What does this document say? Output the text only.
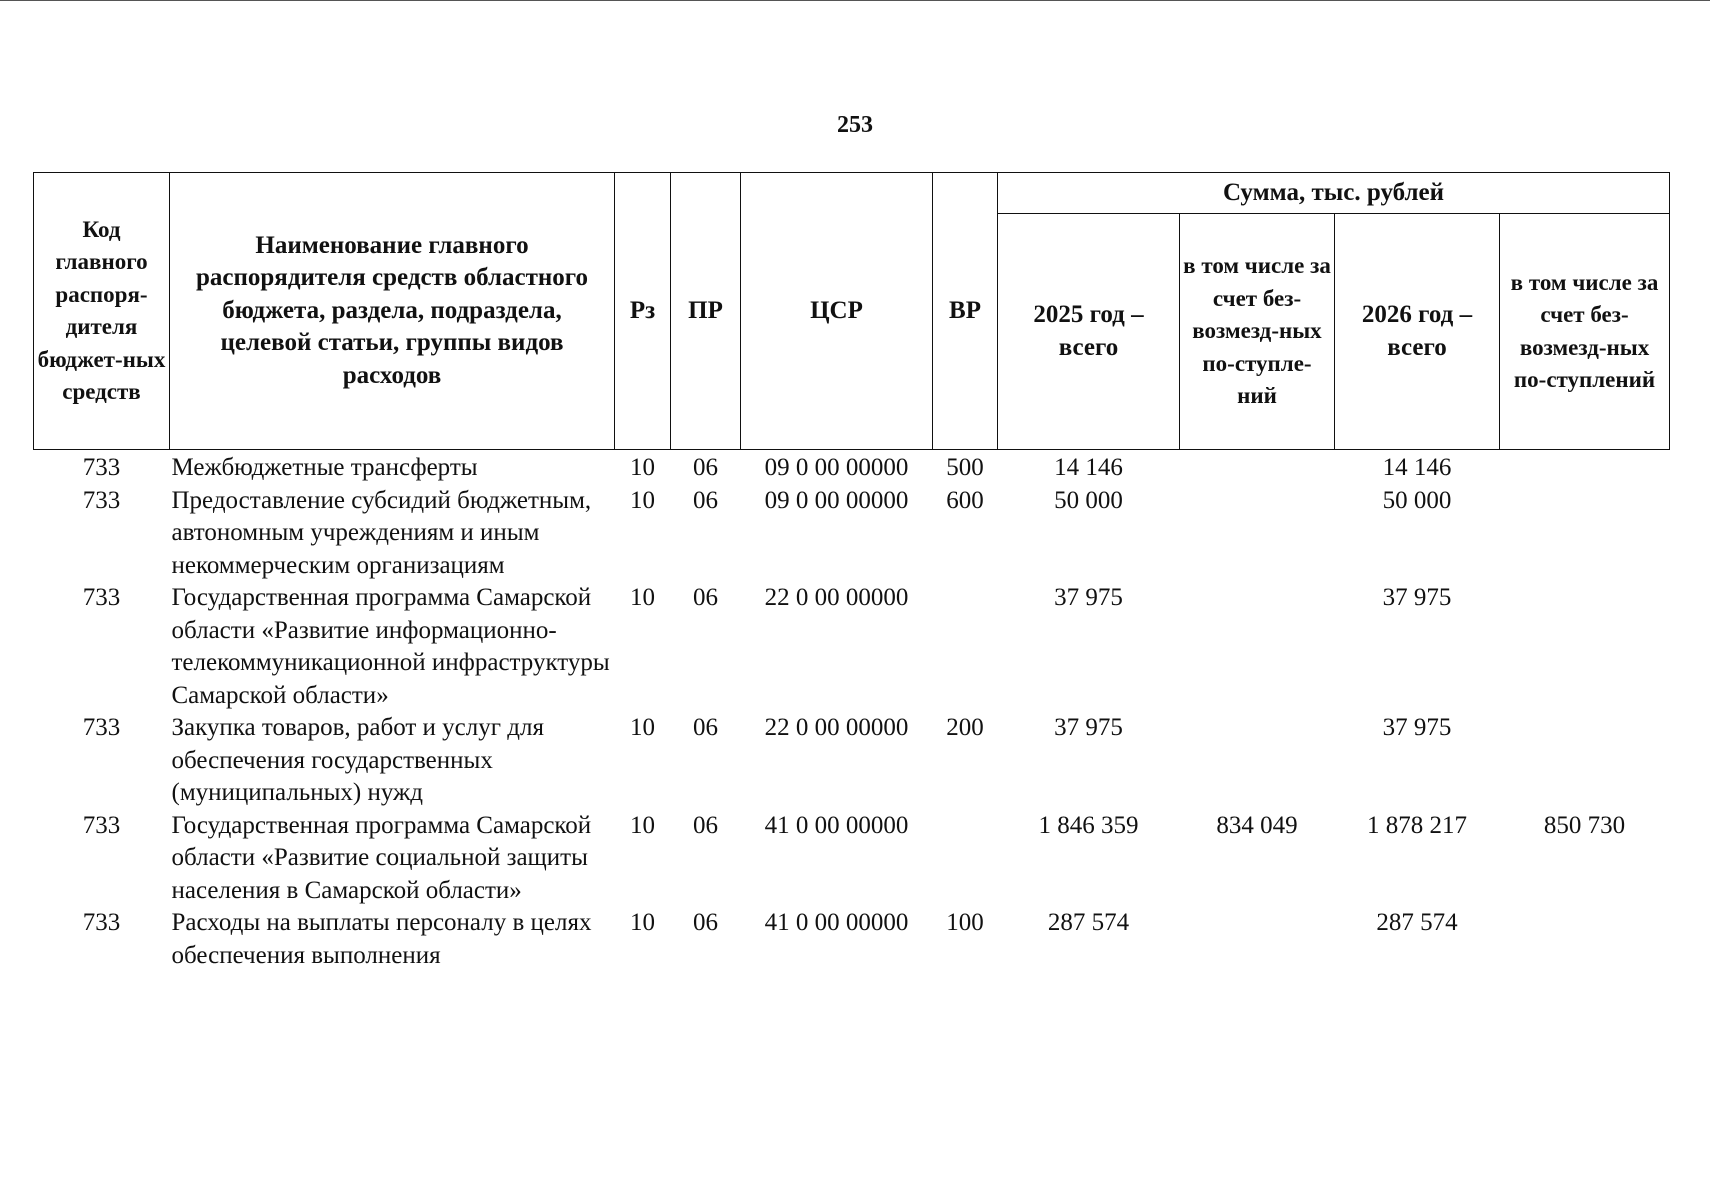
253
Код главного распоря-дителя бюджет-ных средств	Наименование главного распорядителя средств областного бюджета, раздела, подраздела, целевой статьи, группы видов расходов	Рз	ПР	ЦСР	ВР	Сумма, тыс. рублей			
						2025 год – всего	в том числе за счет без-возмезд-ных по-ступле-ний	2026 год – всего	в том числе за счет без-возмезд-ных по-ступлений
733	Межбюджетные трансферты	10	06	09 0 00 00000	500	14 146		14 146	
733	Предоставление субсидий бюджетным, автономным учреждениям и иным некоммерческим организациям	10	06	09 0 00 00000	600	50 000		50 000	
733	Государственная программа Самарской области «Развитие информационно-телекоммуникационной инфраструктуры Самарской области»	10	06	22 0 00 00000		37 975		37 975	
733	Закупка товаров, работ и услуг для обеспечения государственных (муниципальных) нужд	10	06	22 0 00 00000	200	37 975		37 975	
733	Государственная программа Самарской области «Развитие социальной защиты населения в Самарской области»	10	06	41 0 00 00000		1 846 359	834 049	1 878 217	850 730
733	Расходы на выплаты персоналу в целях обеспечения выполнения	10	06	41 0 00 00000	100	287 574		287 574	
